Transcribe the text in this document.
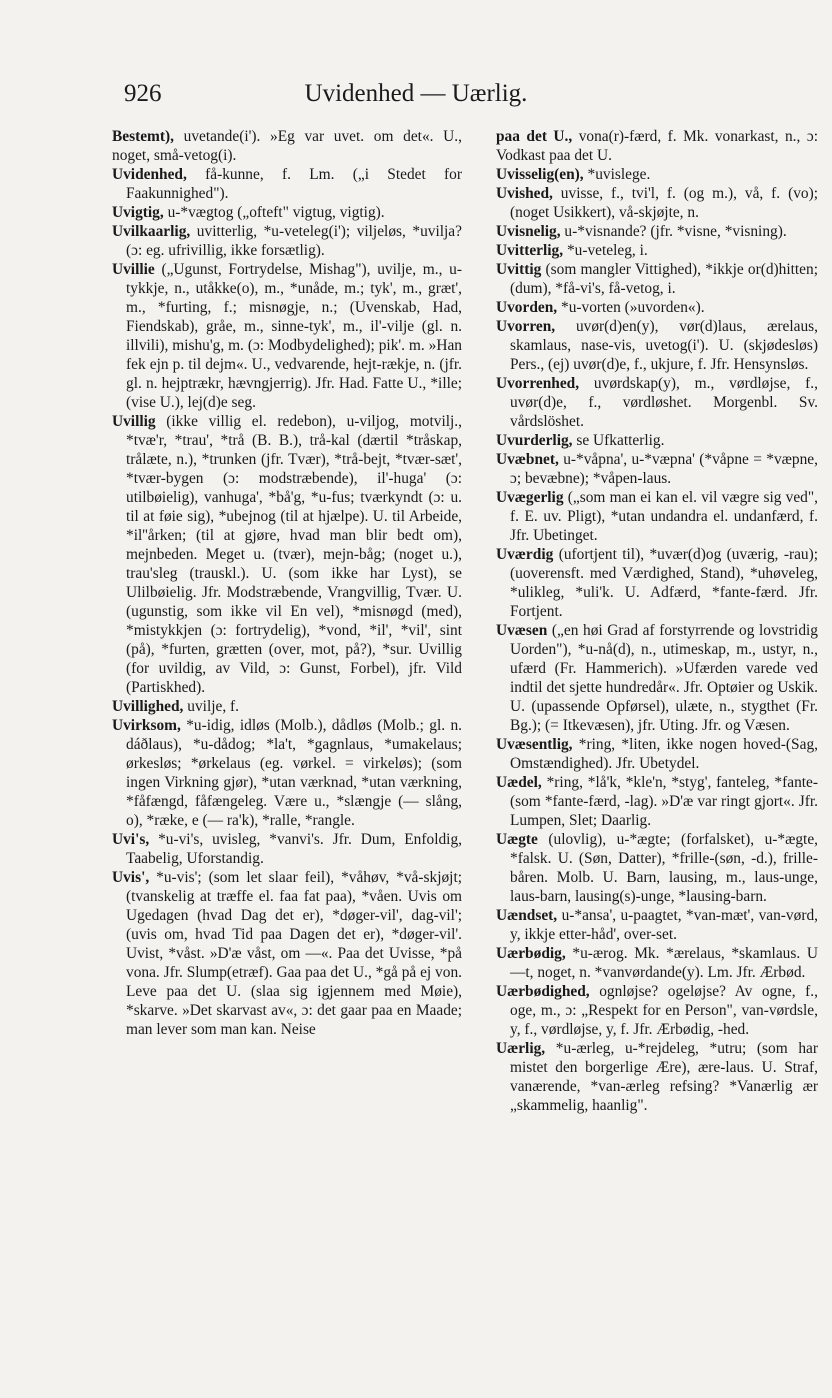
926	Uvidenhed — Uærlig.

Bestemt), uvetande(i'). »Eg var uvet. om det«. U., noget, små-vetog(i).

Uvidenhed, få-kunne, f. Lm. („i Stedet for Faakunnighed").

Uvigtig, u-*vægtog („ofteft" vigtug, vigtig).

Uvilkaarlig, uvitterlig, *u-veteleg(i'); viljeløs, *uvilja? (ɔ: eg. ufrivillig, ikke forsætlig).

Uvillie („Ugunst, Fortrydelse, Mishag"), uvilje, m., u-tykkje, n., utåkke(o), m., *unåde, m.; tyk', m., græt', m., *furting, f.; misnøgje, n.; (Uvenskab, Had, Fiendskab), gråe, m., sinne-tyk', m., il'-vilje (gl. n. illvili), mishu'g, m. (ɔ: Modbydelighed); pik'. m. »Han fek ejn p. til dejm«. U., vedvarende, hejt-rækje, n. (jfr. gl. n. hejptrækr, hævngjerrig). Jfr. Had. Fatte U., *ille; (vise U.), lej(d)e seg.

Uvillig (ikke villig el. redebon), u-viljog, motvilj., *tvæ'r, *trau', *trå (B. B.), trå-kal (dærtil *tråskap, trålæte, n.), *trunken (jfr. Tvær), *trå-bejt, *tvær-sæt', *tvær-bygen (ɔ: modstræbende), il'-huga' (ɔ: utilbøielig), vanhuga', *bå'g, *u-fus; tværkyndt (ɔ: u. til at føie sig), *ubejnog (til at hjælpe). U. til Arbeide, *il''årken; (til at gjøre, hvad man blir bedt om), mejnbeden. Meget u. (tvær), mejn-båg; (noget u.), trau'sleg (trauskl.). U. (som ikke har Lyst), se Ulilbøielig. Jfr. Modstræbende, Vrangvillig, Tvær. U. (ugunstig, som ikke vil En vel), *misnøgd (med), *mistykkjen (ɔ: fortrydelig), *vond, *il', *vil', sint (på), *furten, grætten (over, mot, på?), *sur. Uvillig (for uvildig, av Vild, ɔ: Gunst, Forbel), jfr. Vild (Partiskhed).

Uvillighed, uvilje, f.

Uvirksom, *u-idig, idløs (Molb.), dådløs (Molb.; gl. n. dáðlaus), *u-dådog; *la't, *gagnlaus, *umakelaus; ørkesløs; *ørkelaus (eg. vørkel. = virkeløs); (som ingen Virkning gjør), *utan værknad, *utan værkning, *fåfængd, fåfængeleg. Være u., *slængje (— slång, o), *ræke, e (— ra'k), *ralle, *rangle.

Uvi's, *u-vi's, uvisleg, *vanvi's. Jfr. Dum, Enfoldig, Taabelig, Uforstandig.

Uvis', *u-vis'; (som let slaar feil), *våhøv, *vå-skjøjt; (tvanskelig at træffe el. faa fat paa), *våen. Uvis om Ugedagen (hvad Dag det er), *døger-vil', dag-vil'; (uvis om, hvad Tid paa Dagen det er), *døger-vil'. Uvist, *våst. »D'æ våst, om —«. Paa det Uvisse, *på vona. Jfr. Slump(etræf). Gaa paa det U., *gå på ej von. Leve paa det U. (slaa sig igjennem med Møie), *skarve. »Det skarvast av«, ɔ: det gaar paa en Maade; man lever som man kan. Neise

paa det U., vona(r)-færd, f. Mk. vonarkast, n., ɔ: Vodkast paa det U.

Uvisselig(en), *uvislege.

Uvished, uvisse, f., tvi'l, f. (og m.), vå, f. (vo); (noget Usikkert), vå-skjøjte, n.

Uvisnelig, u-*visnande? (jfr. *visne, *visning).

Uvitterlig, *u-veteleg, i.

Uvittig (som mangler Vittighed), *ikkje or(d)hitten; (dum), *få-vi's, få-vetog, i.

Uvorden, *u-vorten (»uvorden«).

Uvorren, uvør(d)en(y), vør(d)laus, ærelaus, skamlaus, nase-vis, uvetog(i'). U. (skjødesløs) Pers., (ej) uvør(d)e, f., ukjure, f. Jfr. Hensynsløs.

Uvorrenhed, uvørdskap(y), m., vørdløjse, f., uvør(d)e, f., vørdløshet. Morgenbl. Sv. vårdslöshet.

Uvurderlig, se Ufkatterlig.

Uvæbnet, u-*våpna', u-*væpna' (*våpne = *væpne, ɔ; bevæbne); *våpen-laus.

Uvægerlig („som man ei kan el. vil vægre sig ved", f. E. uv. Pligt), *utan undandra el. undanfærd, f. Jfr. Ubetinget.

Uværdig (ufortjent til), *uvær(d)og (uværig, -rau); (uoverensft. med Værdighed, Stand), *uhøveleg, *ulikleg, *uli'k. U. Adfærd, *fante-færd. Jfr. Fortjent.

Uvæsen („en høi Grad af forstyrrende og lovstridig Uorden"), *u-nå(d), n., utimeskap, m., ustyr, n., ufærd (Fr. Hammerich). »Ufærden varede ved indtil det sjette hundredår«. Jfr. Optøier og Uskik. U. (upassende Opførsel), ulæte, n., stygthet (Fr. Bg.); (= Itkevæsen), jfr. Uting. Jfr. og Væsen.

Uvæsentlig, *ring, *liten, ikke nogen hoved-(Sag, Omstændighed). Jfr. Ubetydel.

Uædel, *ring, *lå'k, *kle'n, *styg', fanteleg, *fante- (som *fante-færd, -lag). »D'æ var ringt gjort«. Jfr. Lumpen, Slet; Daarlig.

Uægte (ulovlig), u-*ægte; (forfalsket), u-*ægte, *falsk. U. (Søn, Datter), *frille-(søn, -d.), frille-båren. Molb. U. Barn, lausing, m., laus-unge, laus-barn, lausing(s)-unge, *lausing-barn.

Uændset, u-*ansa', u-paagtet, *van-mæt', van-vørd, y, ikkje etter-håd', over-set.

Uærbødig, *u-ærog. Mk. *ærelaus, *skamlaus. U—t, noget, n. *vanvørdande(y). Lm. Jfr. Ærbød.

Uærbødighed, ognløjse? ogeløjse? Av ogne, f., oge, m., ɔ: „Respekt for en Person", van-vørdsle, y, f., vørdløjse, y, f. Jfr. Ærbødig, -hed.

Uærlig, *u-ærleg, u-*rejdeleg, *utru; (som har mistet den borgerlige Ære), ære-laus. U. Straf, vanærende, *van-ærleg refsing? *Vanærlig ær „skammelig, haanlig".
